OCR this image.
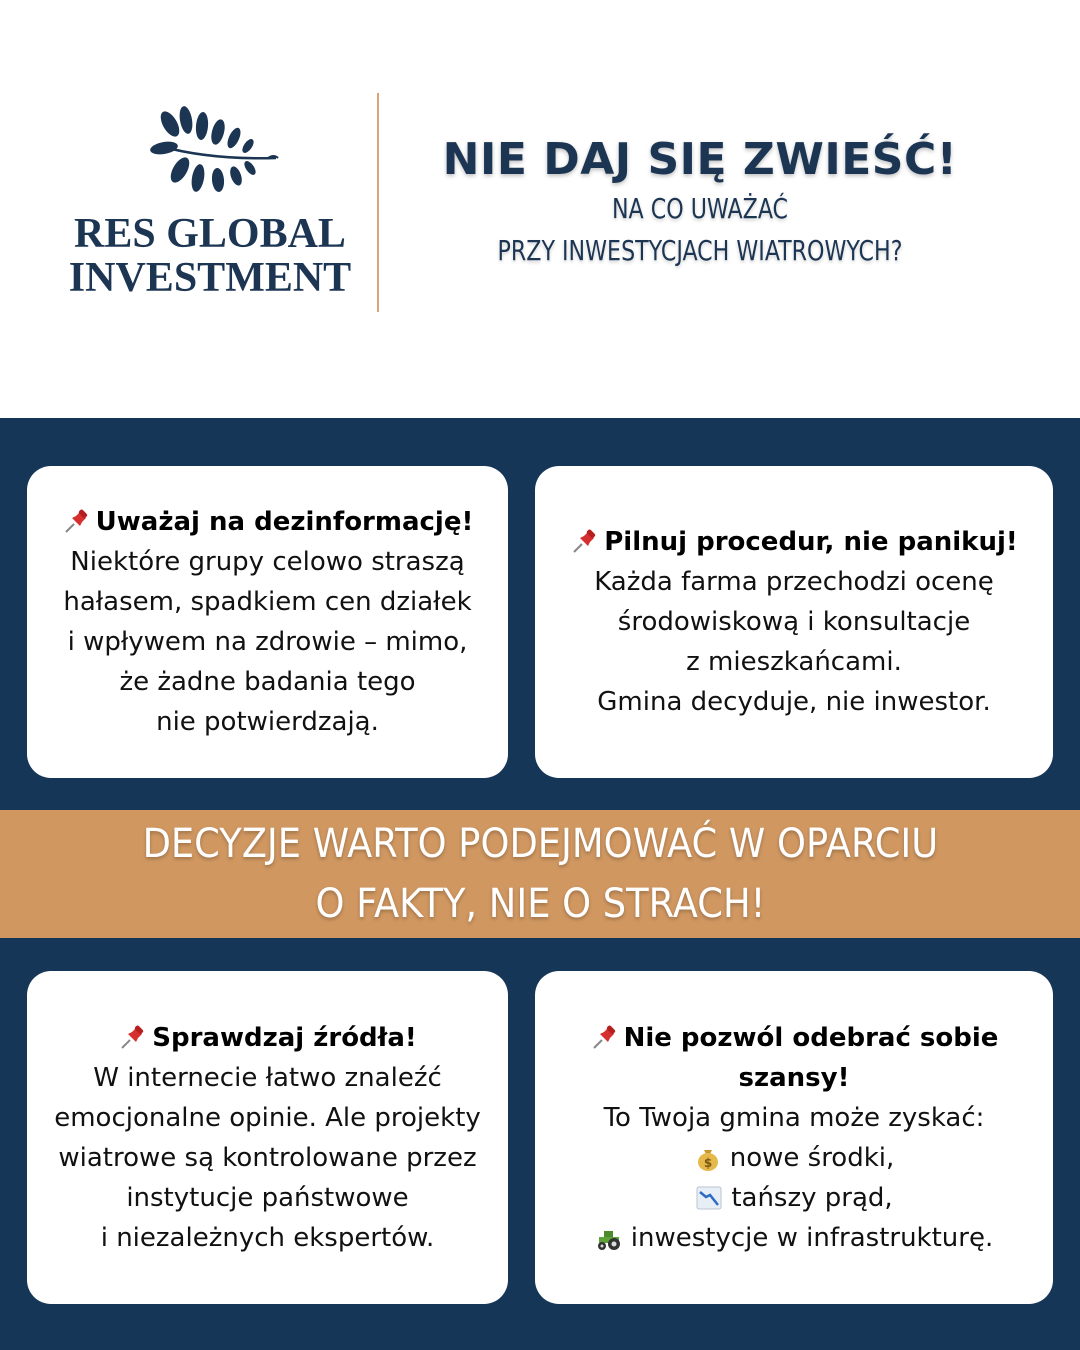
RES GLOBAL
INVESTMENT
NIE DAJ SIĘ ZWIEŚĆ!
NA CO UWAŻAĆ
PRZY INWESTYCJACH WIATROWYCH?
DECYZJE WARTO PODEJMOWAĆ W OPARCIU
O FAKTY, NIE O STRACH!
Uważaj na dezinformację!
Niektóre grupy celowo straszą
hałasem, spadkiem cen działek
i wpływem na zdrowie – mimo,
że żadne badania tego
nie potwierdzają.
Pilnuj procedur, nie panikuj!
Każda farma przechodzi ocenę
środowiskową i konsultacje
z mieszkańcami.
Gmina decyduje, nie inwestor.
Sprawdzaj źródła!
W internecie łatwo znaleźć
emocjonalne opinie. Ale projekty
wiatrowe są kontrolowane przez
instytucje państwowe
i niezależnych ekspertów.
Nie pozwól odebrać sobie
szansy!
To Twoja gmina może zyskać:
$ nowe środki,
tańszy prąd,
inwestycje w infrastrukturę.
